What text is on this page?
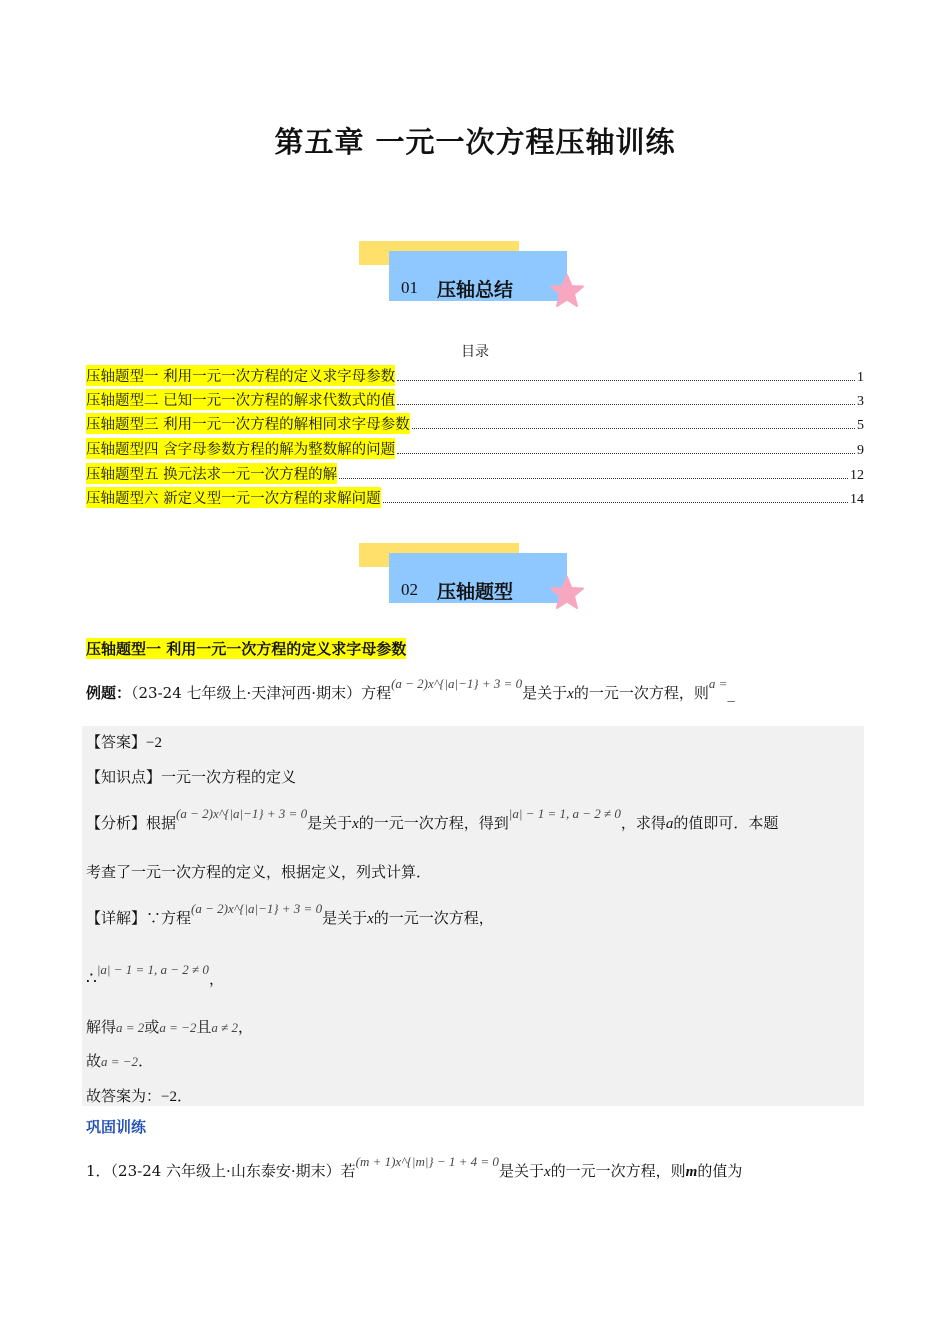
第五章 一元一次方程压轴训练
01 压轴总结
目录
压轴题型一 利用一元一次方程的定义求字母参数	1
压轴题型二 已知一元一次方程的解求代数式的值	3
压轴题型三 利用一元一次方程的解相同求字母参数	5
压轴题型四 含字母参数方程的解为整数解的问题	9
压轴题型五 换元法求一元一次方程的解	12
压轴题型六 新定义型一元一次方程的求解问题	14
02 压轴题型
压轴题型一 利用一元一次方程的定义求字母参数
例题：（23-24 七年级上·天津河西·期末）方程(a − 2)x^{|a|−1} + 3 = 0是关于x的一元一次方程，则a =_
【答案】−2
【知识点】一元一次方程的定义
【分析】根据(a − 2)x^{|a|−1} + 3 = 0是关于x的一元一次方程，得到|a| − 1 = 1, a − 2 ≠ 0，求得a的值即可．本题
考查了一元一次方程的定义，根据定义，列式计算．
【详解】∵方程(a − 2)x^{|a|−1} + 3 = 0是关于x的一元一次方程，
∴|a| − 1 = 1, a − 2 ≠ 0，
解得a = 2或a = −2且a ≠ 2，
故a = −2．
故答案为：−2．
巩固训练
1．（23-24 六年级上·山东泰安·期末）若(m + 1)x^{|m|} − 1 + 4 = 0是关于x的一元一次方程，则m的值为
